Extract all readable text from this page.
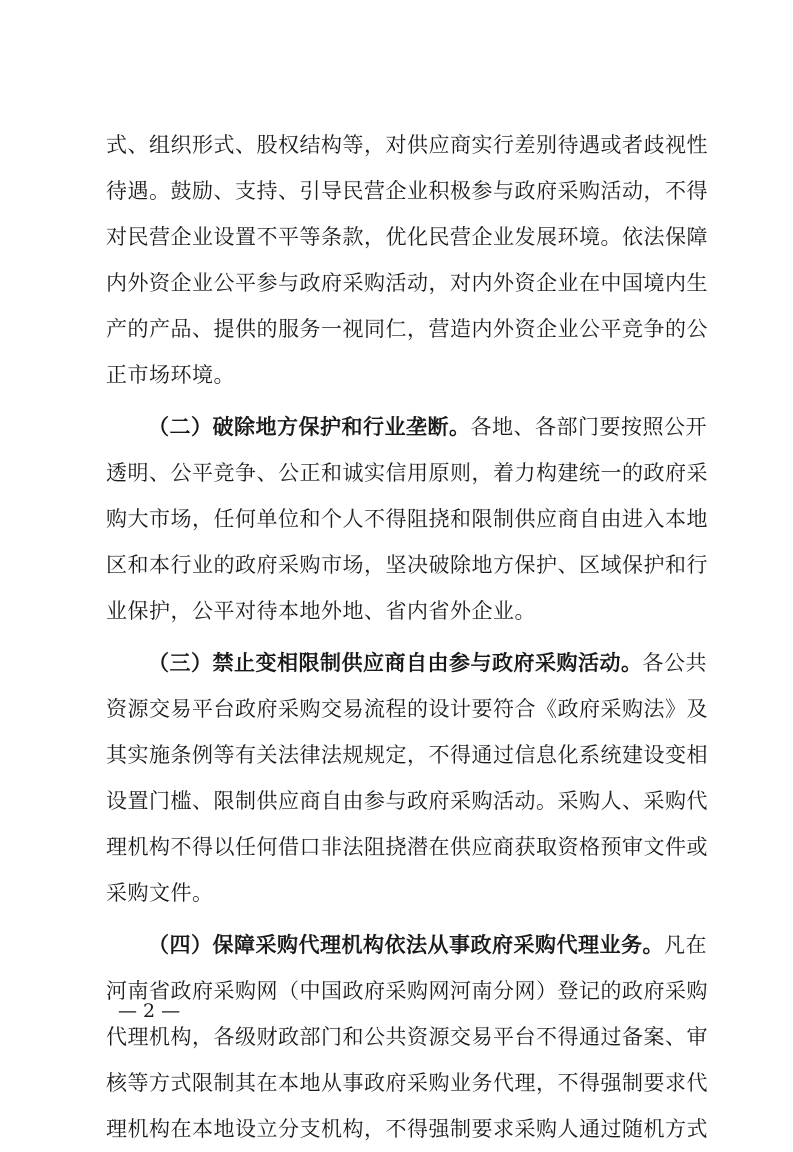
式、组织形式、股权结构等，对供应商实行差别待遇或者歧视性
待遇。鼓励、支持、引导民营企业积极参与政府采购活动，不得
对民营企业设置不平等条款，优化民营企业发展环境。依法保障
内外资企业公平参与政府采购活动，对内外资企业在中国境内生
产的产品、提供的服务一视同仁，营造内外资企业公平竞争的公
正市场环境。
（二）破除地方保护和行业垄断。各地、各部门要按照公开
透明、公平竞争、公正和诚实信用原则，着力构建统一的政府采
购大市场，任何单位和个人不得阻挠和限制供应商自由进入本地
区和本行业的政府采购市场，坚决破除地方保护、区域保护和行
业保护，公平对待本地外地、省内省外企业。
（三）禁止变相限制供应商自由参与政府采购活动。各公共
资源交易平台政府采购交易流程的设计要符合《政府采购法》及
其实施条例等有关法律法规规定，不得通过信息化系统建设变相
设置门槛、限制供应商自由参与政府采购活动。采购人、采购代
理机构不得以任何借口非法阻挠潜在供应商获取资格预审文件或
采购文件。
（四）保障采购代理机构依法从事政府采购代理业务。凡在
河南省政府采购网（中国政府采购网河南分网）登记的政府采购
代理机构，各级财政部门和公共资源交易平台不得通过备案、审
核等方式限制其在本地从事政府采购业务代理，不得强制要求代
理机构在本地设立分支机构，不得强制要求采购人通过随机方式
— 2 —
